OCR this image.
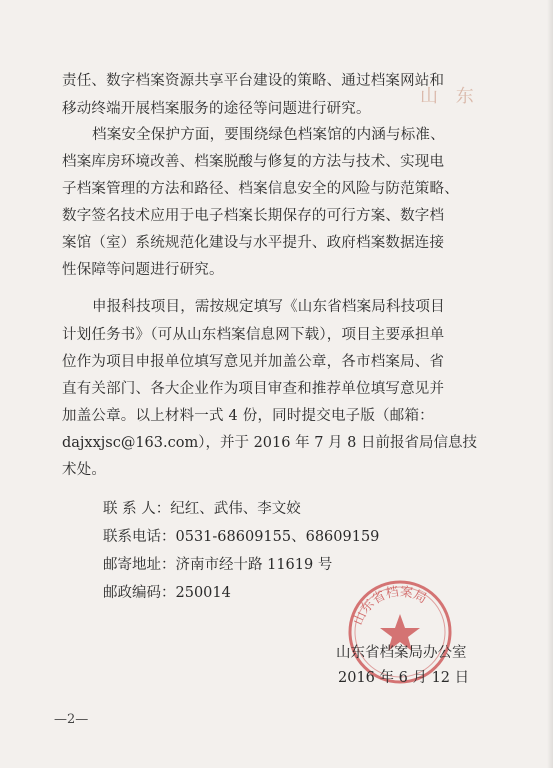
山 东
责任、数字档案资源共享平台建设的策略、通过档案网站和
移动终端开展档案服务的途径等问题进行研究。
档案安全保护方面，要围绕绿色档案馆的内涵与标准、
档案库房环境改善、档案脱酸与修复的方法与技术、实现电
子档案管理的方法和路径、档案信息安全的风险与防范策略、
数字签名技术应用于电子档案长期保存的可行方案、数字档
案馆（室）系统规范化建设与水平提升、政府档案数据连接
性保障等问题进行研究。
申报科技项目，需按规定填写《山东省档案局科技项目
计划任务书》（可从山东档案信息网下载），项目主要承担单
位作为项目申报单位填写意见并加盖公章，各市档案局、省
直有关部门、各大企业作为项目审查和推荐单位填写意见并
加盖公章。以上材料一式 4 份，同时提交电子版（邮箱：
dajxxjsc@163.com），并于 2016 年 7 月 8 日前报省局信息技
术处。
联 系 人：纪红、武伟、李文姣
联系电话：0531-68609155、68609159
邮寄地址：济南市经十路 11619 号
邮政编码：250014
山东省档案局
山东省档案局办公室
2016 年 6 月 12 日
—2—
